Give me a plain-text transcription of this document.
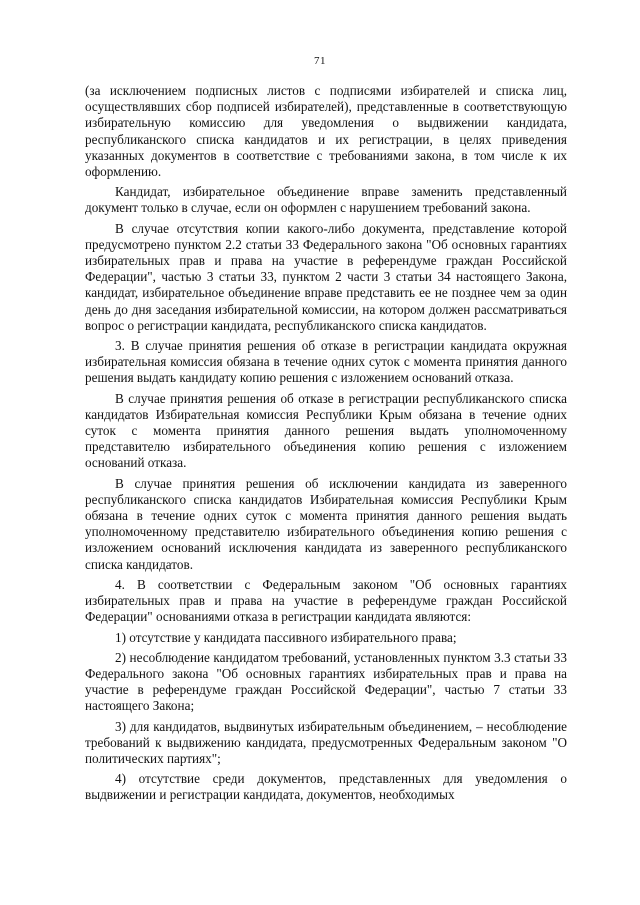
71

(за исключением подписных листов с подписями избирателей и списка лиц, осуществлявших сбор подписей избирателей), представленные в соответствующую избирательную комиссию для уведомления о выдвижении кандидата, республиканского списка кандидатов и их регистрации, в целях приведения указанных документов в соответствие с требованиями закона, в том числе к их оформлению.

Кандидат, избирательное объединение вправе заменить представленный документ только в случае, если он оформлен с нарушением требований закона.

В случае отсутствия копии какого-либо документа, представление которой предусмотрено пунктом 2.2 статьи 33 Федерального закона "Об основных гарантиях избирательных прав и права на участие в референдуме граждан Российской Федерации", частью 3 статьи 33, пунктом 2 части 3 статьи 34 настоящего Закона, кандидат, избирательное объединение вправе представить ее не позднее чем за один день до дня заседания избирательной комиссии, на котором должен рассматриваться вопрос о регистрации кандидата, республиканского списка кандидатов.

3. В случае принятия решения об отказе в регистрации кандидата окружная избирательная комиссия обязана в течение одних суток с момента принятия данного решения выдать кандидату копию решения с изложением оснований отказа.

В случае принятия решения об отказе в регистрации республиканского списка кандидатов Избирательная комиссия Республики Крым обязана в течение одних суток с момента принятия данного решения выдать уполномоченному представителю избирательного объединения копию решения с изложением оснований отказа.

В случае принятия решения об исключении кандидата из заверенного республиканского списка кандидатов Избирательная комиссия Республики Крым обязана в течение одних суток с момента принятия данного решения выдать уполномоченному представителю избирательного объединения копию решения с изложением оснований исключения кандидата из заверенного республиканского списка кандидатов.

4. В соответствии с Федеральным законом "Об основных гарантиях избирательных прав и права на участие в референдуме граждан Российской Федерации" основаниями отказа в регистрации кандидата являются:

1) отсутствие у кандидата пассивного избирательного права;

2) несоблюдение кандидатом требований, установленных пунктом 3.3 статьи 33 Федерального закона "Об основных гарантиях избирательных прав и права на участие в референдуме граждан Российской Федерации", частью 7 статьи 33 настоящего Закона;

3) для кандидатов, выдвинутых избирательным объединением, – несоблюдение требований к выдвижению кандидата, предусмотренных Федеральным законом "О политических партиях";

4) отсутствие среди документов, представленных для уведомления о выдвижении и регистрации кандидата, документов, необходимых
